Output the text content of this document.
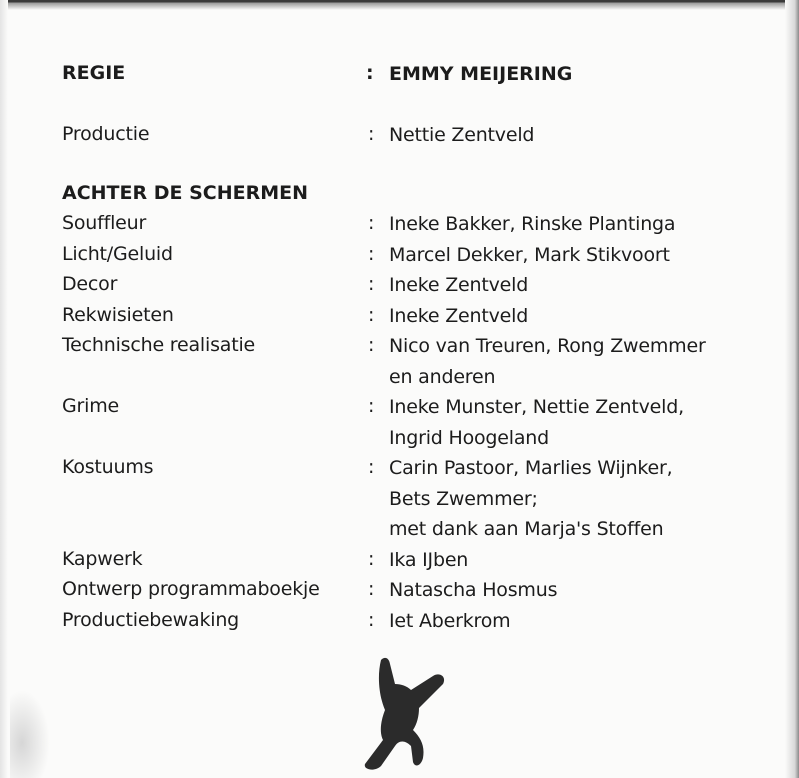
REGIE	: EMMY MEIJERING
Productie	: Nettie Zentveld
ACHTER DE SCHERMEN
Souffleur	: Ineke Bakker, Rinske Plantinga
Licht/Geluid	: Marcel Dekker, Mark Stikvoort
Decor	: Ineke Zentveld
Rekwisieten	: Ineke Zentveld
Technische realisatie	: Nico van Treuren, Rong Zwemmer
en anderen
Grime	: Ineke Munster, Nettie Zentveld,
Ingrid Hoogeland
Kostuums	: Carin Pastoor, Marlies Wijnker,
Bets Zwemmer;
met dank aan Marja's Stoffen
Kapwerk	: Ika IJben
Ontwerp programmaboekje	: Natascha Hosmus
Productiebewaking	: Iet Aberkrom
